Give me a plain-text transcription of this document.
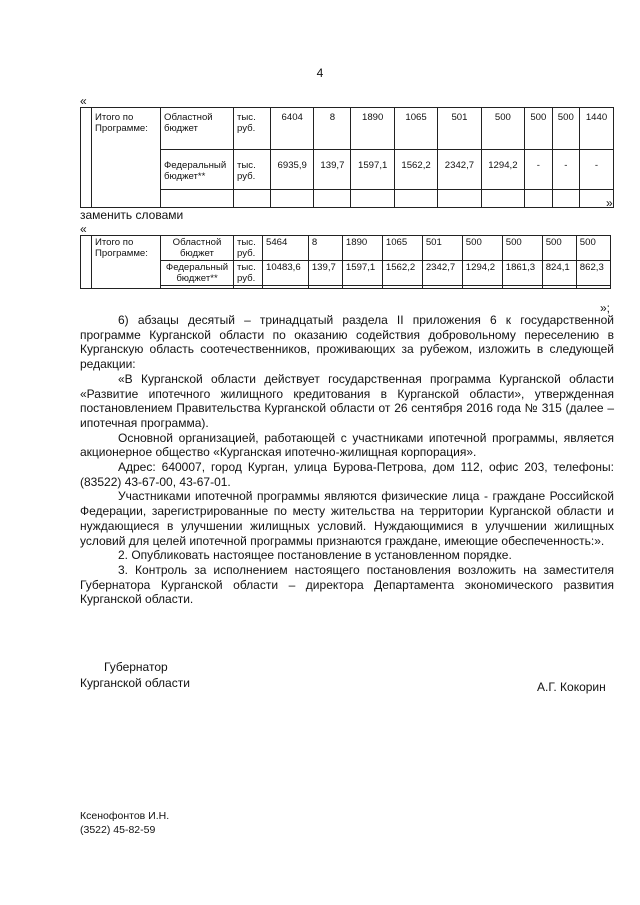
4
«
	Итого по Программе:	Областной бюджет	тыс. руб.	6404	8	1890	1065	501	500	500	500	1440
		Федеральный бюджет**	тыс. руб.	6935,9	139,7	1597,1	1562,2	2342,7	1294,2	-	-	-

»
заменить словами
«
	Итого по Программе:	Областной бюджет	тыс. руб.	5464	8	1890	1065	501	500	500	500	500
		Федеральный бюджет**	тыс. руб.	10483,6	139,7	1597,1	1562,2	2342,7	1294,2	1861,3	824,1	862,3

»;

6) абзацы десятый – тринадцатый раздела II приложения 6 к государственной программе Курганской области по оказанию содействия добровольному переселению в Курганскую область соотечественников, проживающих за рубежом, изложить в следующей редакции:

«В Курганской области действует государственная программа Курганской области «Развитие ипотечного жилищного кредитования в Курганской области», утвержденная постановлением Правительства Курганской области от 26 сентября 2016 года № 315 (далее – ипотечная программа).

Основной организацией, работающей с участниками ипотечной программы, является акционерное общество «Курганская ипотечно-жилищная корпорация».

Адрес: 640007, город Курган, улица Бурова-Петрова, дом 112, офис 203, телефоны: (83522) 43-67-00, 43-67-01.

Участниками ипотечной программы являются физические лица - граждане Российской Федерации, зарегистрированные по месту жительства на территории Курганской области и нуждающиеся в улучшении жилищных условий. Нуждающимися в улучшении жилищных условий для целей ипотечной программы признаются граждане, имеющие обеспеченность:».

2. Опубликовать настоящее постановление в установленном порядке.

3. Контроль за исполнением настоящего постановления возложить на заместителя Губернатора Курганской области – директора Департамента экономического развития Курганской области.

Губернатор
Курганской области	А.Г. Кокорин
Ксенофонтов И.Н.
(3522) 45-82-59
